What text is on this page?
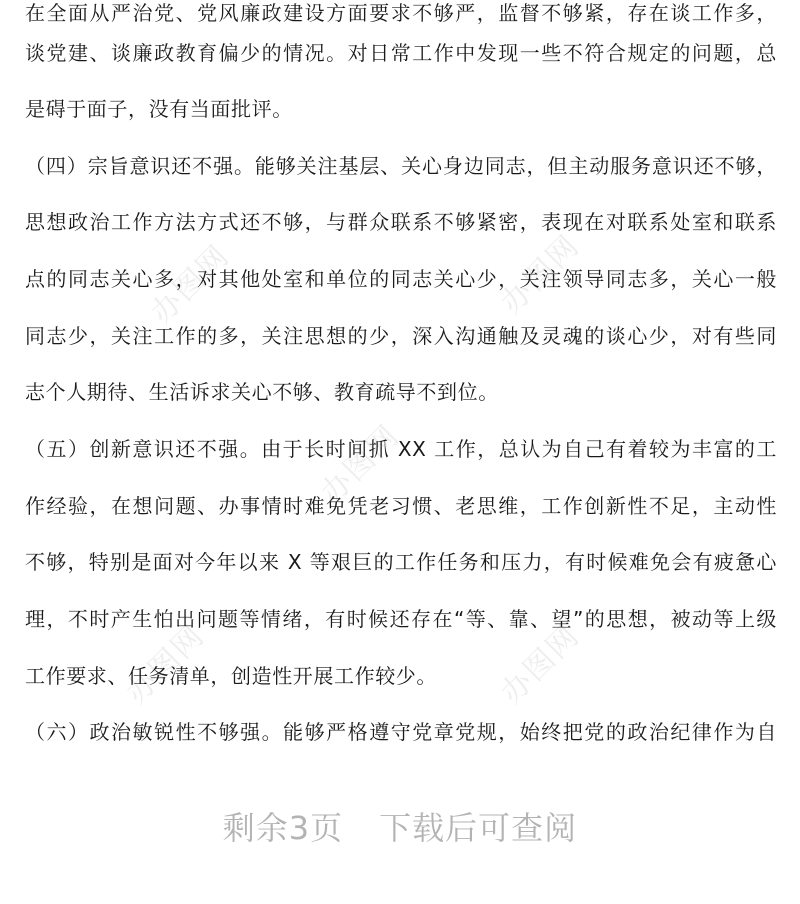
办图网
办图网
办图网
办图网
办图网
在全面从严治党、党风廉政建设方面要求不够严，监督不够紧，存在谈工作多，
谈党建、谈廉政教育偏少的情况。对日常工作中发现一些不符合规定的问题，总
是碍于面子，没有当面批评。
（四）宗旨意识还不强。能够关注基层、关心身边同志，但主动服务意识还不够，
思想政治工作方法方式还不够，与群众联系不够紧密，表现在对联系处室和联系
点的同志关心多，对其他处室和单位的同志关心少，关注领导同志多，关心一般
同志少，关注工作的多，关注思想的少，深入沟通触及灵魂的谈心少，对有些同
志个人期待、生活诉求关心不够、教育疏导不到位。
（五）创新意识还不强。由于长时间抓 XX 工作，总认为自己有着较为丰富的工
作经验，在想问题、办事情时难免凭老习惯、老思维，工作创新性不足，主动性
不够，特别是面对今年以来 X 等艰巨的工作任务和压力，有时候难免会有疲惫心
理，不时产生怕出问题等情绪，有时候还存在“等、靠、望”的思想，被动等上级
工作要求、任务清单，创造性开展工作较少。
（六）政治敏锐性不够强。能够严格遵守党章党规，始终把党的政治纪律作为自
剩余3页 下载后可查阅
